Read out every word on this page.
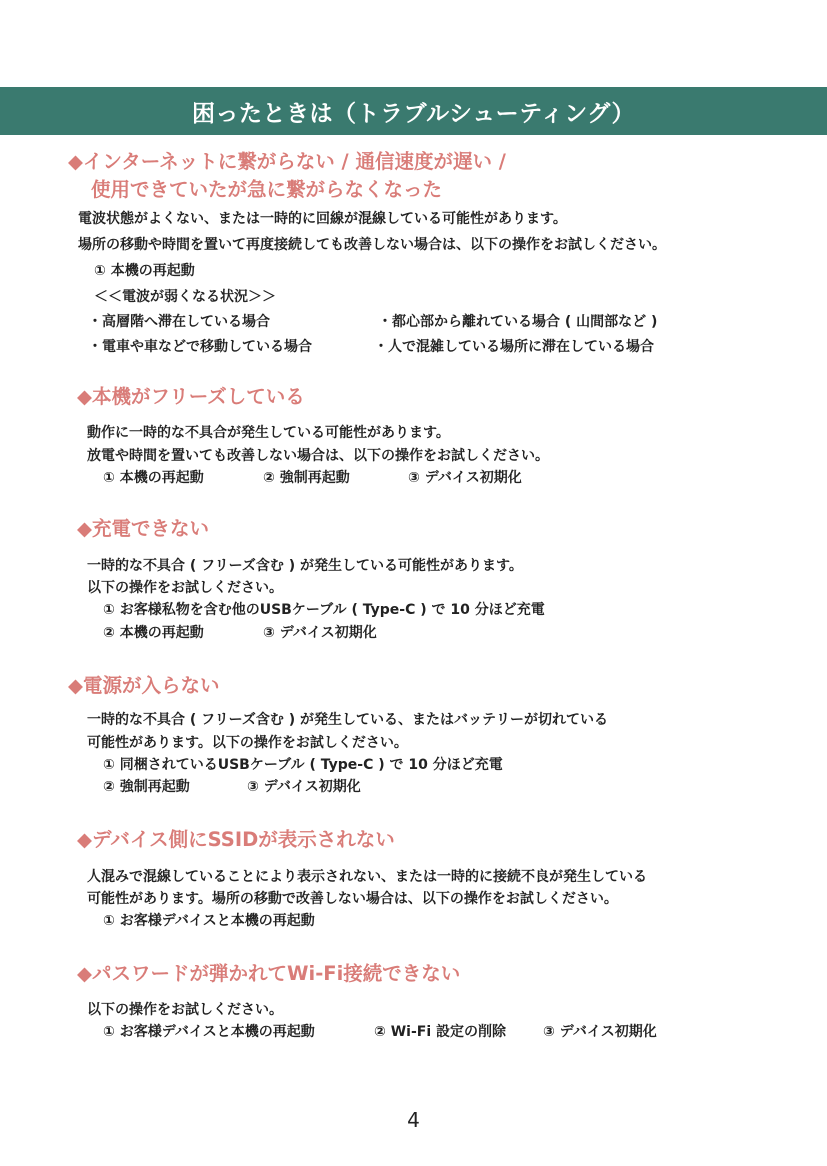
困ったときは（トラブルシューティング）
◆インターネットに繋がらない / 通信速度が遅い /
使用できていたが急に繋がらなくなった
電波状態がよくない、または一時的に回線が混線している可能性があります。
場所の移動や時間を置いて再度接続しても改善しない場合は、以下の操作をお試しください。
① 本機の再起動
＜＜電波が弱くなる状況＞＞
・高層階へ滞在している場合	・都心部から離れている場合 ( 山間部など )
・電車や車などで移動している場合	・人で混雑している場所に滞在している場合
◆本機がフリーズしている
動作に一時的な不具合が発生している可能性があります。
放電や時間を置いても改善しない場合は、以下の操作をお試しください。
① 本機の再起動	② 強制再起動	③ デバイス初期化
◆充電できない
一時的な不具合 ( フリーズ含む ) が発生している可能性があります。
以下の操作をお試しください。
① お客様私物を含む他のUSBケーブル ( Type-C ) で 10 分ほど充電
② 本機の再起動	③ デバイス初期化
◆電源が入らない
一時的な不具合 ( フリーズ含む ) が発生している、またはバッテリーが切れている
可能性があります。以下の操作をお試しください。
① 同梱されているUSBケーブル ( Type-C ) で 10 分ほど充電
② 強制再起動	③ デバイス初期化
◆デバイス側にSSIDが表示されない
人混みで混線していることにより表示されない、または一時的に接続不良が発生している
可能性があります。場所の移動で改善しない場合は、以下の操作をお試しください。
① お客様デバイスと本機の再起動
◆パスワードが弾かれてWi-Fi接続できない
以下の操作をお試しください。
① お客様デバイスと本機の再起動	② Wi-Fi 設定の削除	③ デバイス初期化
4
